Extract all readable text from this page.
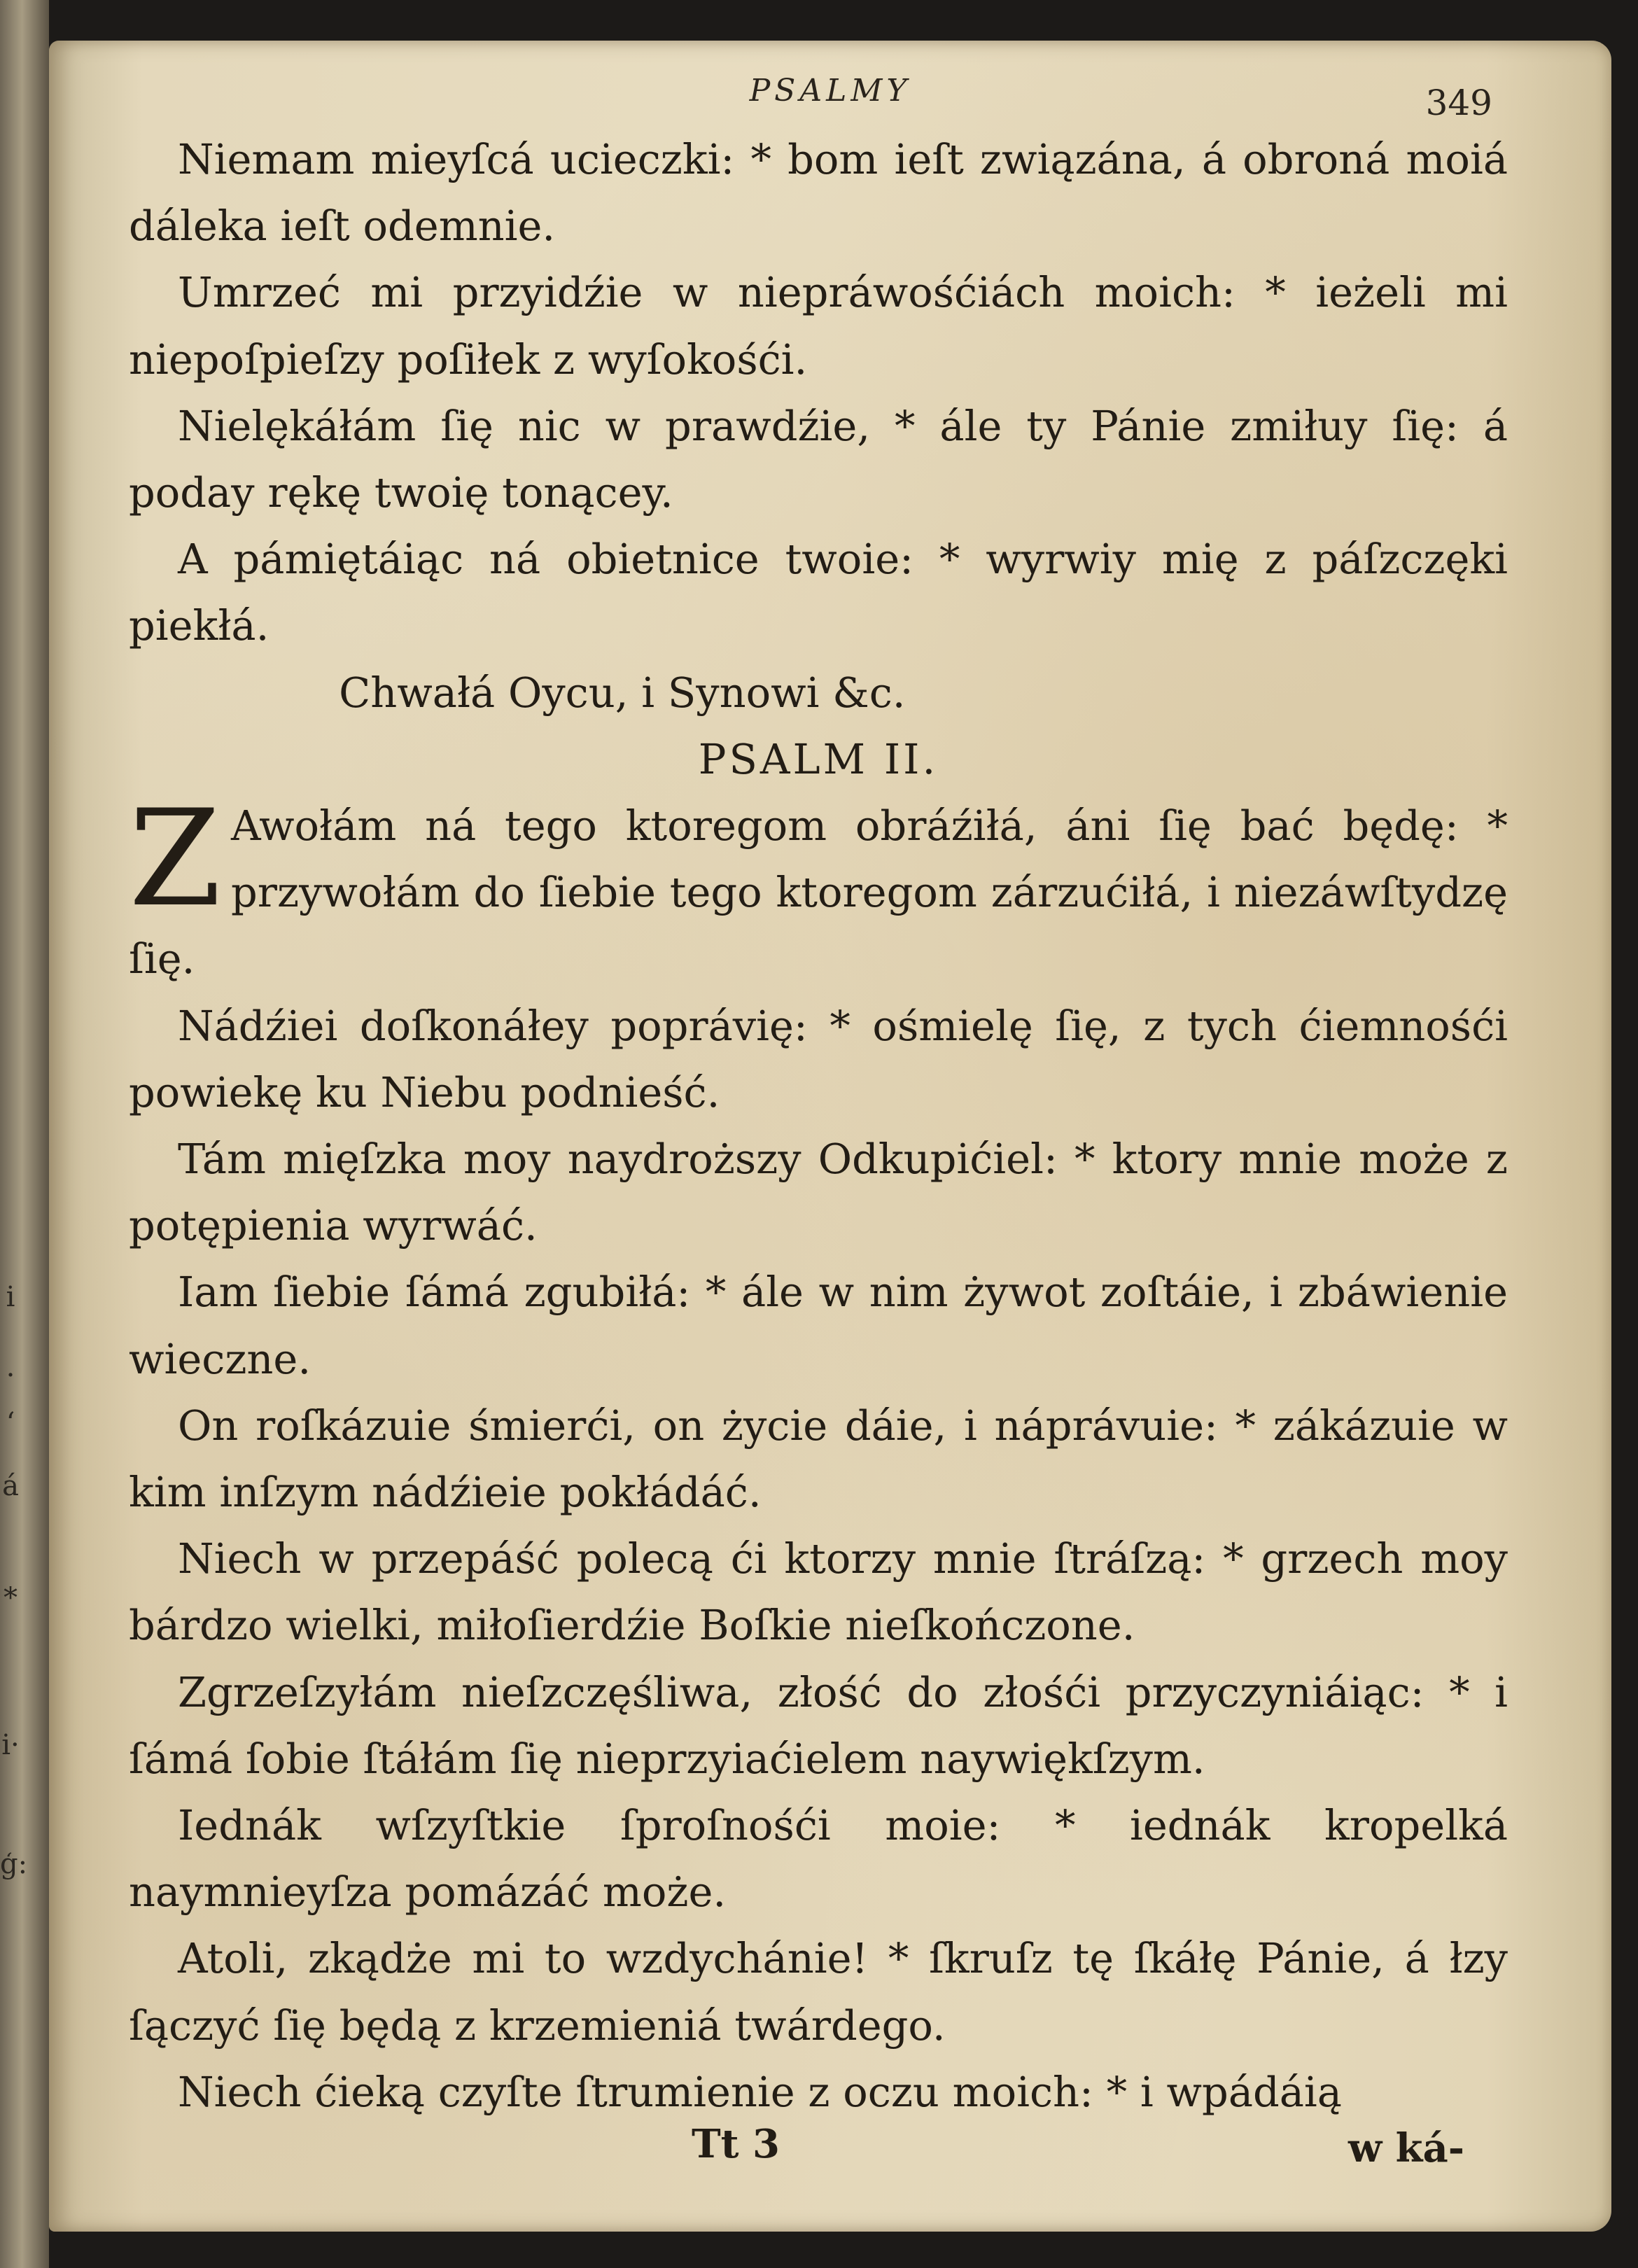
i
.
‘
á
*
i·
ģ:
PSALMY	349

Niemam mieyſcá ucieczki: * bom ieſt związána, á obroná moiá dáleka ieſt odemnie.

Umrzeć mi przyidźie w niepráwośćiách moich: * ieżeli mi niepoſpieſzy poſiłek z wyſokośći.

Nielękáłám ſię nic w prawdźie, * ále ty Pánie zmiłuy ſię: á poday rękę twoię tonącey.

A pámiętáiąc ná obietnice twoie: * wyrwiy mię z páſzczęki piekłá.

Chwałá Oycu, i Synowi &c.

PSALM II.

Z Awołám ná tego ktoregom obráźiłá, áni ſię bać będę: * przywołám do ſiebie tego ktoregom zárzućiłá, i niezáwſtydzę ſię.

Nádźiei doſkonáłey poprávię: * ośmielę ſię, z tych ćiemnośći powiekę ku Niebu podnieść.

Tám mięſzka moy naydroższy Odkupićiel: * ktory mnie może z potępienia wyrwáć.

Iam ſiebie ſámá zgubiłá: * ále w nim żywot zoſtáie, i zbáwienie wieczne.

On roſkázuie śmierći, on życie dáie, i náprávuie: * zákázuie w kim inſzym nádźieie pokłádáć.

Niech w przepáść polecą ći ktorzy mnie ſtráſzą: * grzech moy bárdzo wielki, miłoſierdźie Boſkie nieſkończone.

Zgrzeſzyłám nieſzczęśliwa, złość do złośći przyczyniáiąc: * i ſámá ſobie ſtáłám ſię nieprzyiaćielem naywiękſzym.

Iednák wſzyſtkie ſproſnośći moie: * iednák kropelká naymnieyſza pomázáć może.

Atoli, zkądże mi to wzdychánie! * ſkruſz tę ſkáłę Pánie, á łzy ſączyć ſię będą z krzemieniá twárdego.

Niech ćieką czyſte ſtrumienie z oczu moich: * i wpádáią

Tt 3	w ká-
